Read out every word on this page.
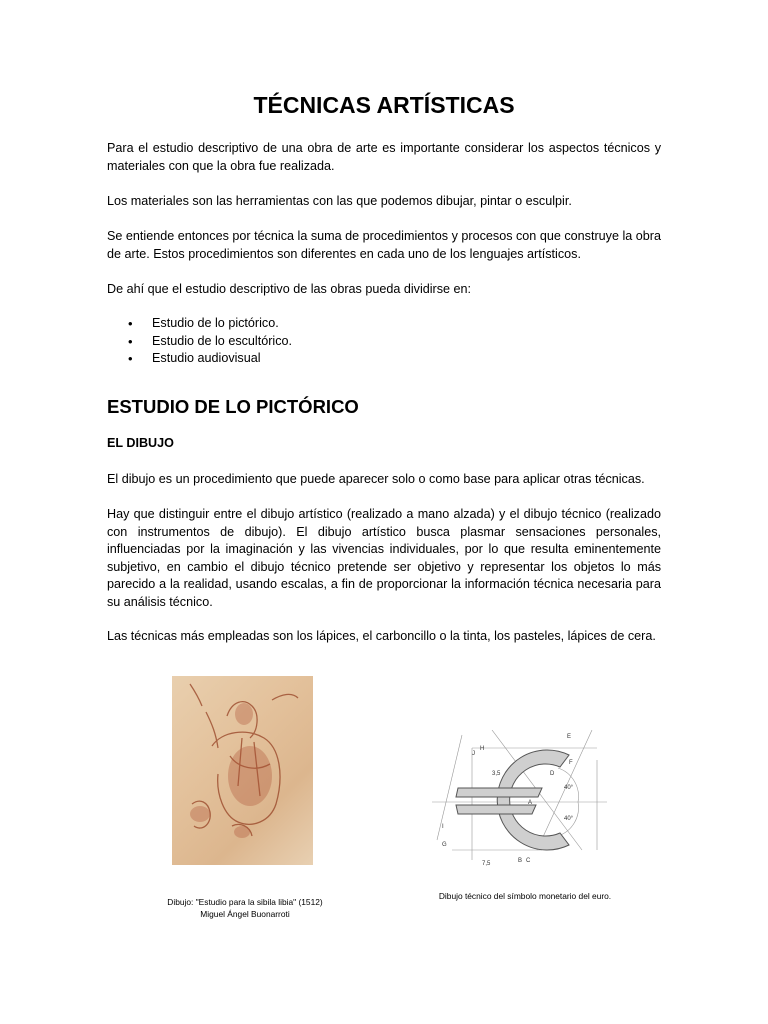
TÉCNICAS ARTÍSTICAS

Para el estudio descriptivo de una obra de arte es importante considerar los aspectos técnicos y materiales con que la obra fue realizada.

Los materiales son las herramientas con las que podemos dibujar, pintar o esculpir.

Se entiende entonces por técnica la suma de procedimientos y procesos con que construye la obra de arte. Estos procedimientos son diferentes en cada uno de los lenguajes artísticos.

De ahí que el estudio descriptivo de las obras pueda dividirse en:

• Estudio de lo pictórico.
• Estudio de lo escultórico.
• Estudio audiovisual
ESTUDIO DE LO PICTÓRICO
EL DIBUJO

El dibujo es un procedimiento que puede aparecer solo o como base para aplicar otras técnicas.

Hay que distinguir entre el dibujo artístico (realizado a mano alzada) y el dibujo técnico (realizado con instrumentos de dibujo). El dibujo artístico busca plasmar sensaciones personales, influenciadas por la imaginación y las vivencias individuales, por lo que resulta eminentemente subjetivo, en cambio el dibujo técnico pretende ser objetivo y representar los objetos lo más parecido a la realidad, usando escalas, a fin de proporcionar la información técnica necesaria para su análisis técnico.

Las técnicas más empleadas son los lápices, el carboncillo o la tinta, los pasteles, lápices de cera.

E
H
J
F
D
A
B C
G
I
40°
40°
3,5
7,5

Dibujo: "Estudio para la sibila libia" (1512)
Miguel Ángel Buonarroti

Dibujo técnico del símbolo monetario del euro.
